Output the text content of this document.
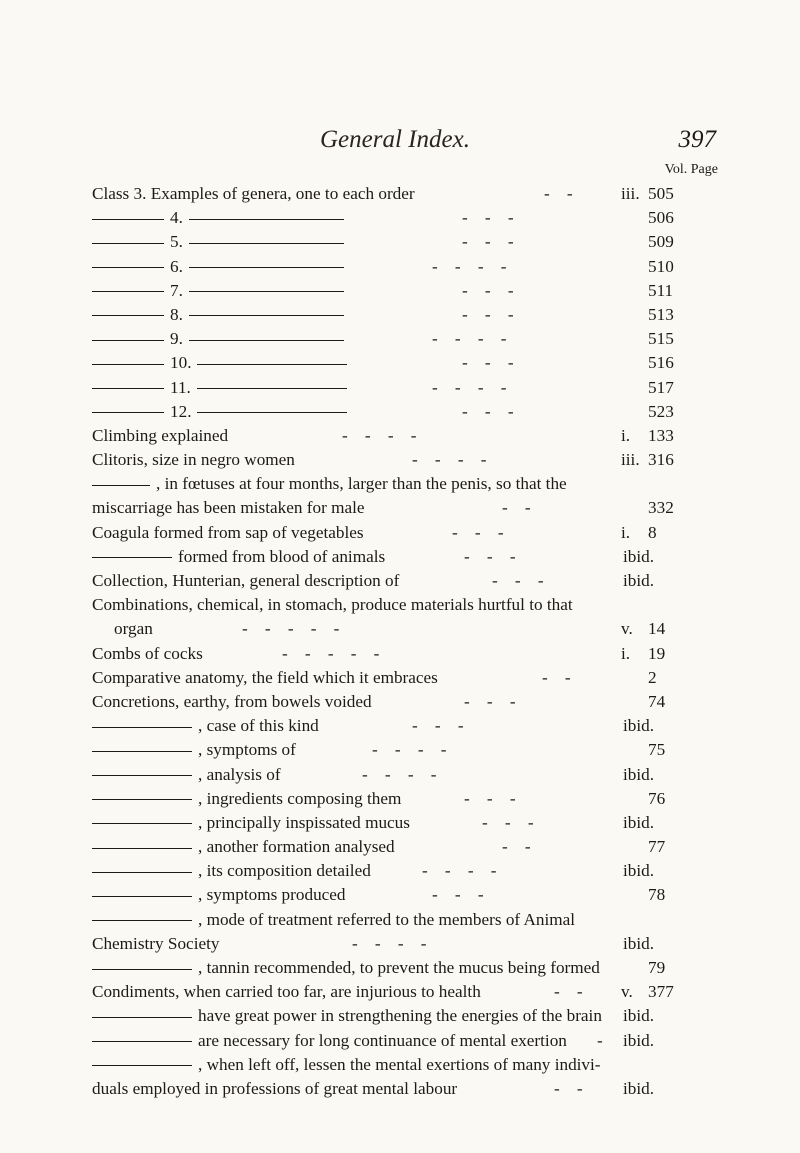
General Index.	397
Vol. Page
Class 3. Examples of genera, one to each order	-    -	iii. 505
4.	-    -    -	506
5.	-    -    -	509
6.	-    -    -    -	510
7.	-    -    -	511
8.	-    -    -	513
9.	-    -    -    -	515
10.	-    -    -	516
11.	-    -    -    -	517
12.	-    -    -	523
Climbing explained	-    -    -    -	i.	133
Clitoris, size in negro women	-    -    -    -	iii. 316
, in fœtuses at four months, larger than the penis, so that the
miscarriage has been mistaken for male	-    -	332
Coagula formed from sap of vegetables	-    -    -	i.	8
formed from blood of animals	-    -    -	ibid.
Collection, Hunterian, general description of	-    -    -	ibid.
Combinations, chemical, in stomach, produce materials hurtful to that
organ	-    -    -    -    -	v. 14
Combs of cocks	-    -    -    -    -	i.	19
Comparative anatomy, the field which it embraces	-    -	2
Concretions, earthy, from bowels voided	-    -    -	74
, case of this kind	-    -    -	ibid.
, symptoms of	-    -    -    -	75
, analysis of	-    -    -    -	ibid.
, ingredients composing them	-    -    -	76
, principally inspissated mucus	-    -    -	ibid.
, another formation analysed	-    -	77
, its composition detailed	-    -    -    -	ibid.
, symptoms produced	-    -    -	78
, mode of treatment referred to the members of Animal
Chemistry Society	-    -    -    -	ibid.
, tannin recommended, to prevent the mucus being formed	79
Condiments, when carried too far, are injurious to health	-    - v. 377
have great power in strengthening the energies of the brain ibid.
are necessary for long continuance of mental exertion - ibid.
, when left off, lessen the mental exertions of many indivi-
duals employed in professions of great mental labour	-    - ibid.
